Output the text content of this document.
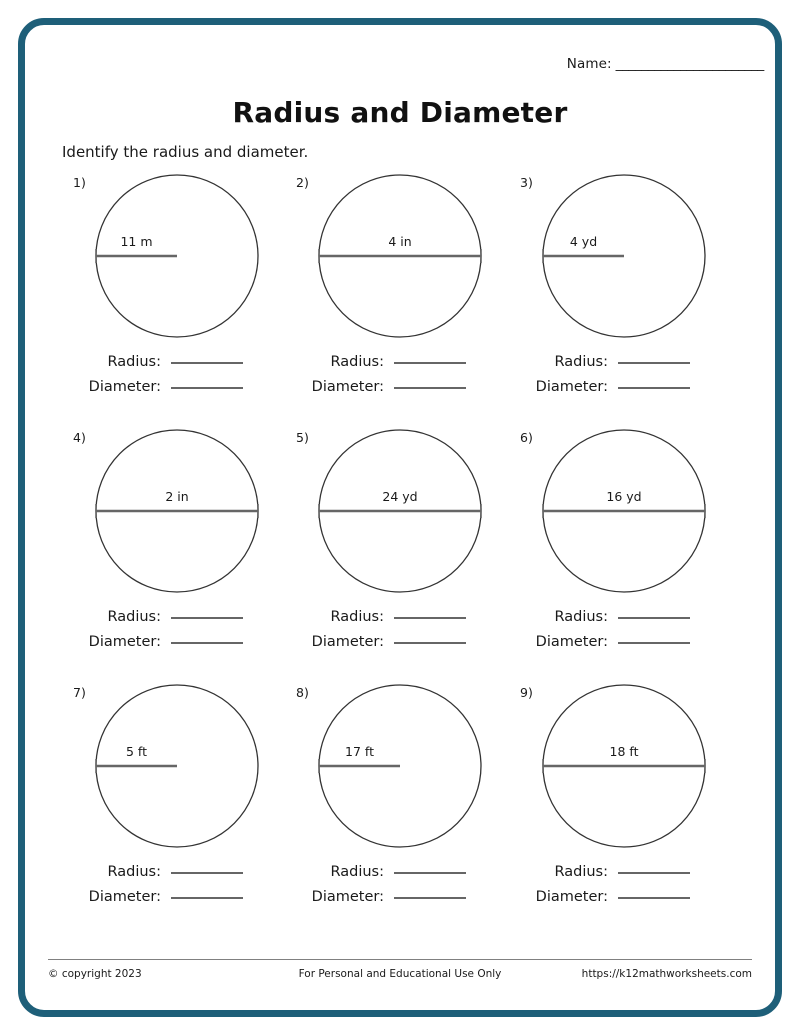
Name: _______________________
Radius and Diameter
Identify the radius and diameter.
1)
11 m
Radius:
Diameter:
2)
4 in
Radius:
Diameter:
3)
4 yd
Radius:
Diameter:
4)
2 in
Radius:
Diameter:
5)
24 yd
Radius:
Diameter:
6)
16 yd
Radius:
Diameter:
7)
5 ft
Radius:
Diameter:
8)
17 ft
Radius:
Diameter:
9)
18 ft
Radius:
Diameter:
© copyright 2023	For Personal and Educational Use Only	https://k12mathworksheets.com
